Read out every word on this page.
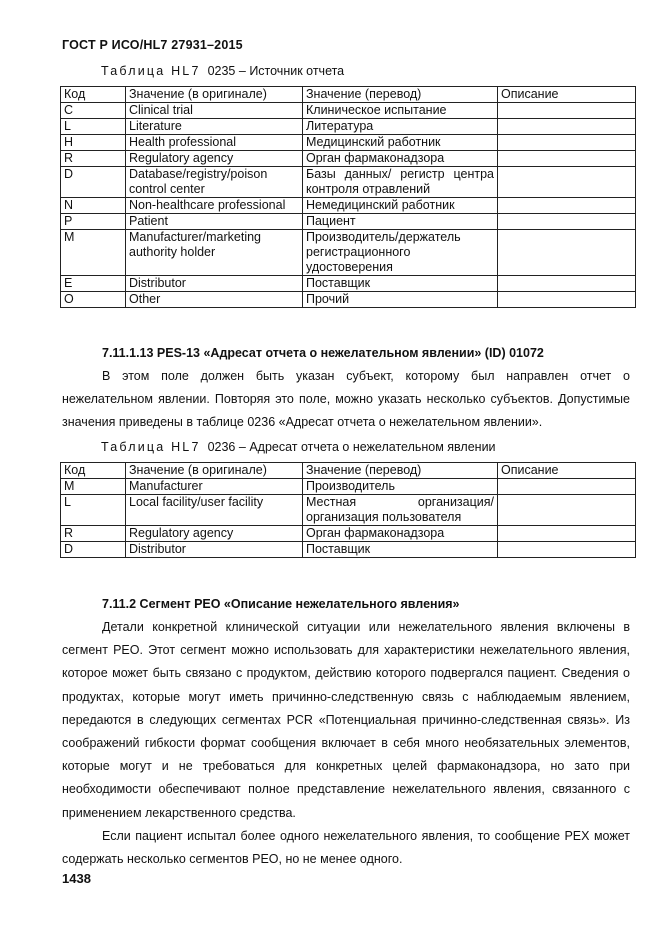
ГОСТ Р ИСО/HL7 27931–2015
Таблица HL7 0235 – Источник отчета
Код	Значение (в оригинале)	Значение (перевод)	Описание
C	Clinical trial	Клиническое испытание	
L	Literature	Литература	
H	Health professional	Медицинский работник	
R	Regulatory agency	Орган фармаконадзора	
D	Database/registry/poison control center	Базы данных/ регистр центра контроля отравлений	
N	Non-healthcare professional	Немедицинский работник	
P	Patient	Пациент	
M	Manufacturer/marketing authority holder	Производитель/держатель регистрационного удостоверения	
E	Distributor	Поставщик	
O	Other	Прочий	
7.11.1.13 PES-13 «Адресат отчета о нежелательном явлении» (ID) 01072

В этом поле должен быть указан субъект, которому был направлен отчет о нежелательном явлении. Повторяя это поле, можно указать несколько субъектов. Допустимые значения приведены в таблице 0236 «Адресат отчета о нежелательном явлении».

Таблица HL7 0236 – Адресат отчета о нежелательном явлении
Код	Значение (в оригинале)	Значение (перевод)	Описание
M	Manufacturer	Производитель	
L	Local facility/user facility	Местная организация/организация пользователя	
R	Regulatory agency	Орган фармаконадзора	
D	Distributor	Поставщик	
7.11.2 Сегмент PEO «Описание нежелательного явления»

Детали конкретной клинической ситуации или нежелательного явления включены в сегмент PEO. Этот сегмент можно использовать для характеристики нежелательного явления, которое может быть связано с продуктом, действию которого подвергался пациент. Сведения о продуктах, которые могут иметь причинно-следственную связь с наблюдаемым явлением, передаются в следующих сегментах PCR «Потенциальная причинно-следственная связь». Из соображений гибкости формат сообщения включает в себя много необязательных элементов, которые могут и не требоваться для конкретных целей фармаконадзора, но зато при необходимости обеспечивают полное представление нежелательного явления, связанного с применением лекарственного средства.

Если пациент испытал более одного нежелательного явления, то сообщение PEX может содержать несколько сегментов PEO, но не менее одного.

1438
